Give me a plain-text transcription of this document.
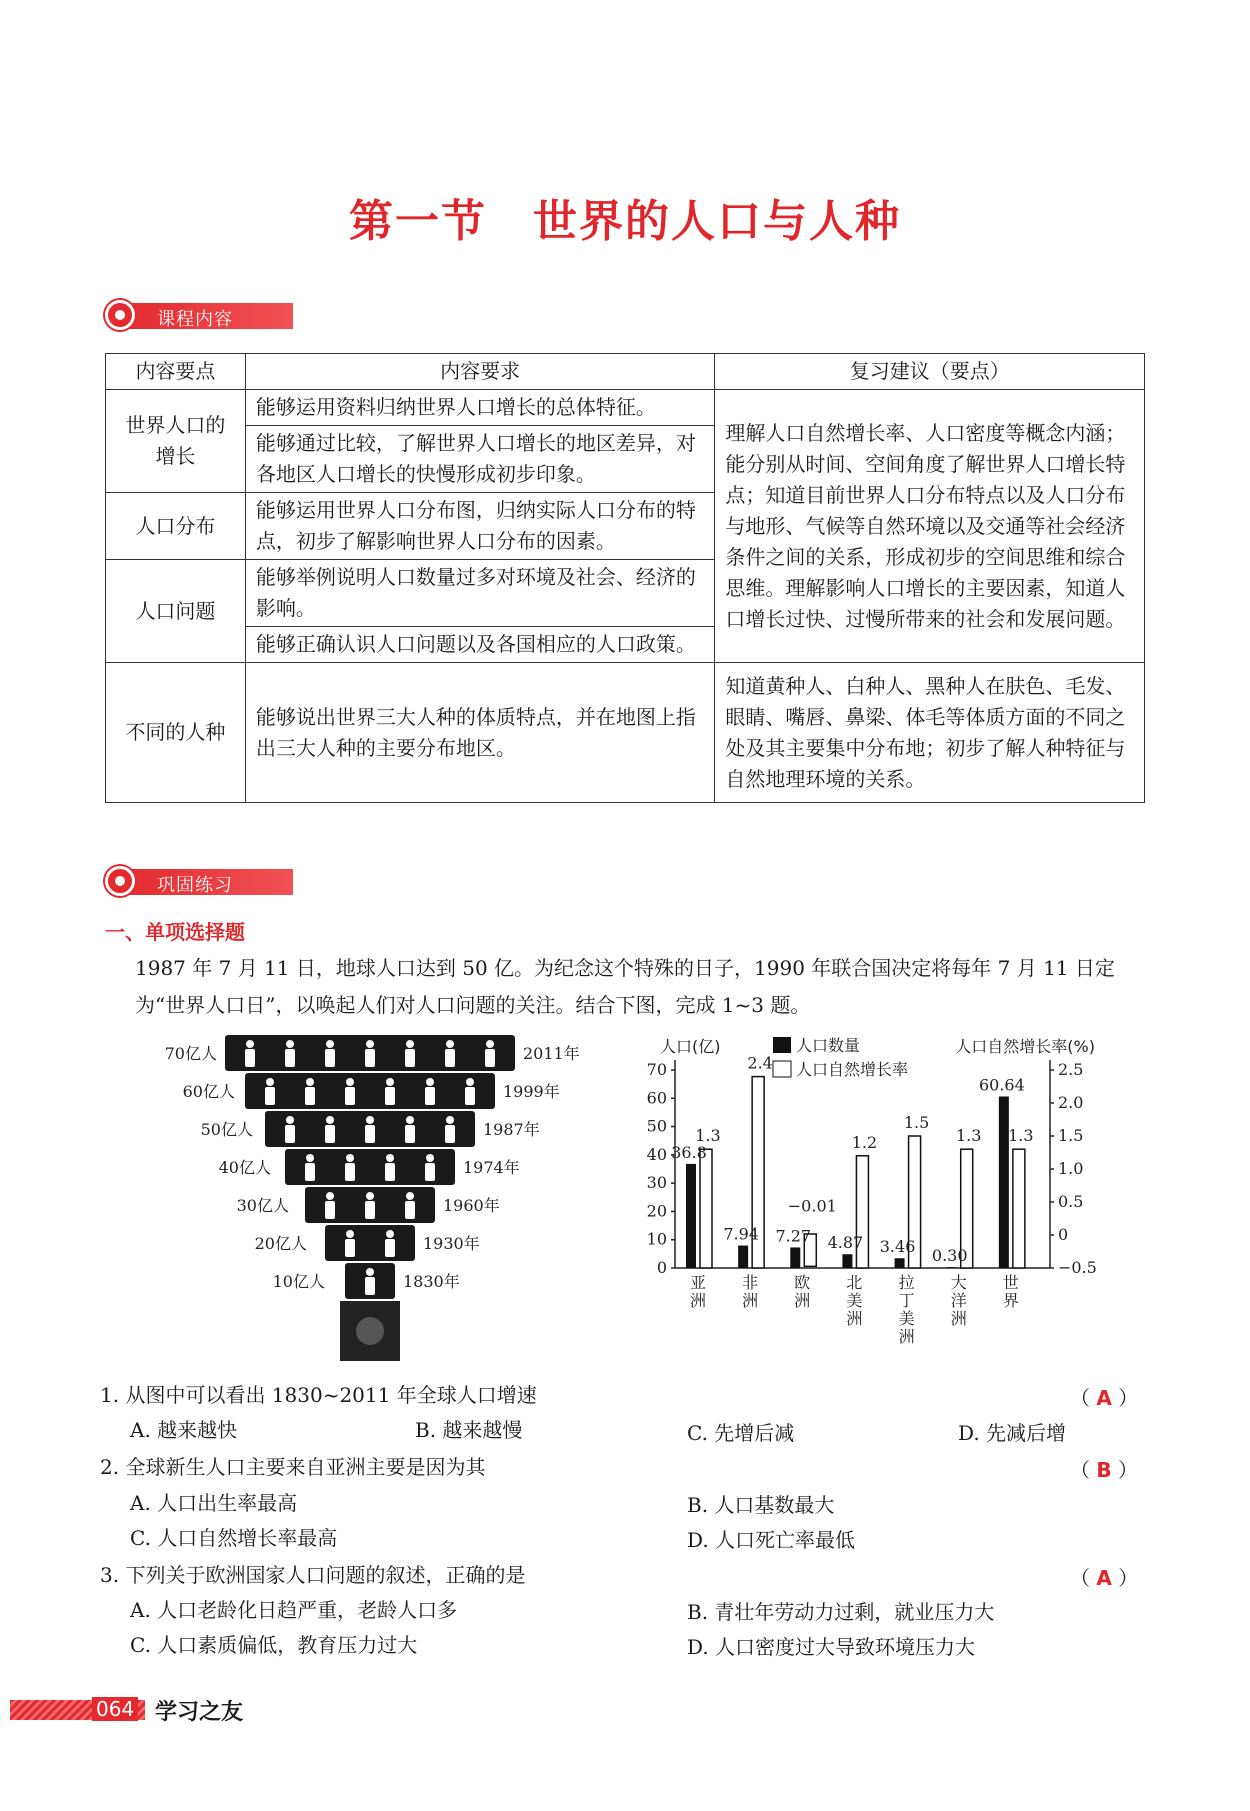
第一节　世界的人口与人种
课程内容
内容要点	内容要求	复习建议（要点）
世界人口的增长	能够运用资料归纳世界人口增长的总体特征。	理解人口自然增长率、人口密度等概念内涵；能分别从时间、空间角度了解世界人口增长特点；知道目前世界人口分布特点以及人口分布与地形、气候等自然环境以及交通等社会经济条件之间的关系，形成初步的空间思维和综合思维。理解影响人口增长的主要因素，知道人口增长过快、过慢所带来的社会和发展问题。
	能够通过比较，了解世界人口增长的地区差异，对各地区人口增长的快慢形成初步印象。	
人口分布	能够运用世界人口分布图，归纳实际人口分布的特点，初步了解影响世界人口分布的因素。	
人口问题	能够举例说明人口数量过多对环境及社会、经济的影响。	
	能够正确认识人口问题以及各国相应的人口政策。	
不同的人种	能够说出世界三大人种的体质特点，并在地图上指出三大人种的主要分布地区。	知道黄种人、白种人、黑种人在肤色、毛发、眼睛、嘴唇、鼻梁、体毛等体质方面的不同之处及其主要集中分布地；初步了解人种特征与自然地理环境的关系。
巩固练习
一、单项选择题
1987 年 7 月 11 日，地球人口达到 50 亿。为纪念这个特殊的日子，1990 年联合国决定将每年 7 月 11 日定为“世界人口日”，以唤起人们对人口问题的关注。结合下图，完成 1~3 题。
70亿人
60亿人
50亿人
40亿人
30亿人
20亿人
10亿人
2011年
1999年
1987年
1974年
1960年
1930年
1830年
人口(亿)	人口自然增长率(%)
0
10
20
30
40
50
60
70
−0.5
0
0.5
1.0
1.5
2.0
2.5
36.8
1.3
7.94
2.4
7.27
−0.01
4.87
1.2
3.46
1.5
0.30
1.3
60.64
1.3
人口数量
人口自然增长率
亚
洲
非
洲
欧
洲
北
美
洲
拉
丁
美
洲
大
洋
洲
世
界
1. 从图中可以看出 1830~2011 年全球人口增速	（ A ）
A. 越来越快	B. 越来越慢	C. 先增后减	D. 先减后增
2. 全球新生人口主要来自亚洲主要是因为其	（ B ）
A. 人口出生率最高	B. 人口基数最大
C. 人口自然增长率最高	D. 人口死亡率最低
3. 下列关于欧洲国家人口问题的叙述，正确的是	（ A ）
A. 人口老龄化日趋严重，老龄人口多	B. 青壮年劳动力过剩，就业压力大
C. 人口素质偏低，教育压力过大	D. 人口密度过大导致环境压力大
064 学习之友
